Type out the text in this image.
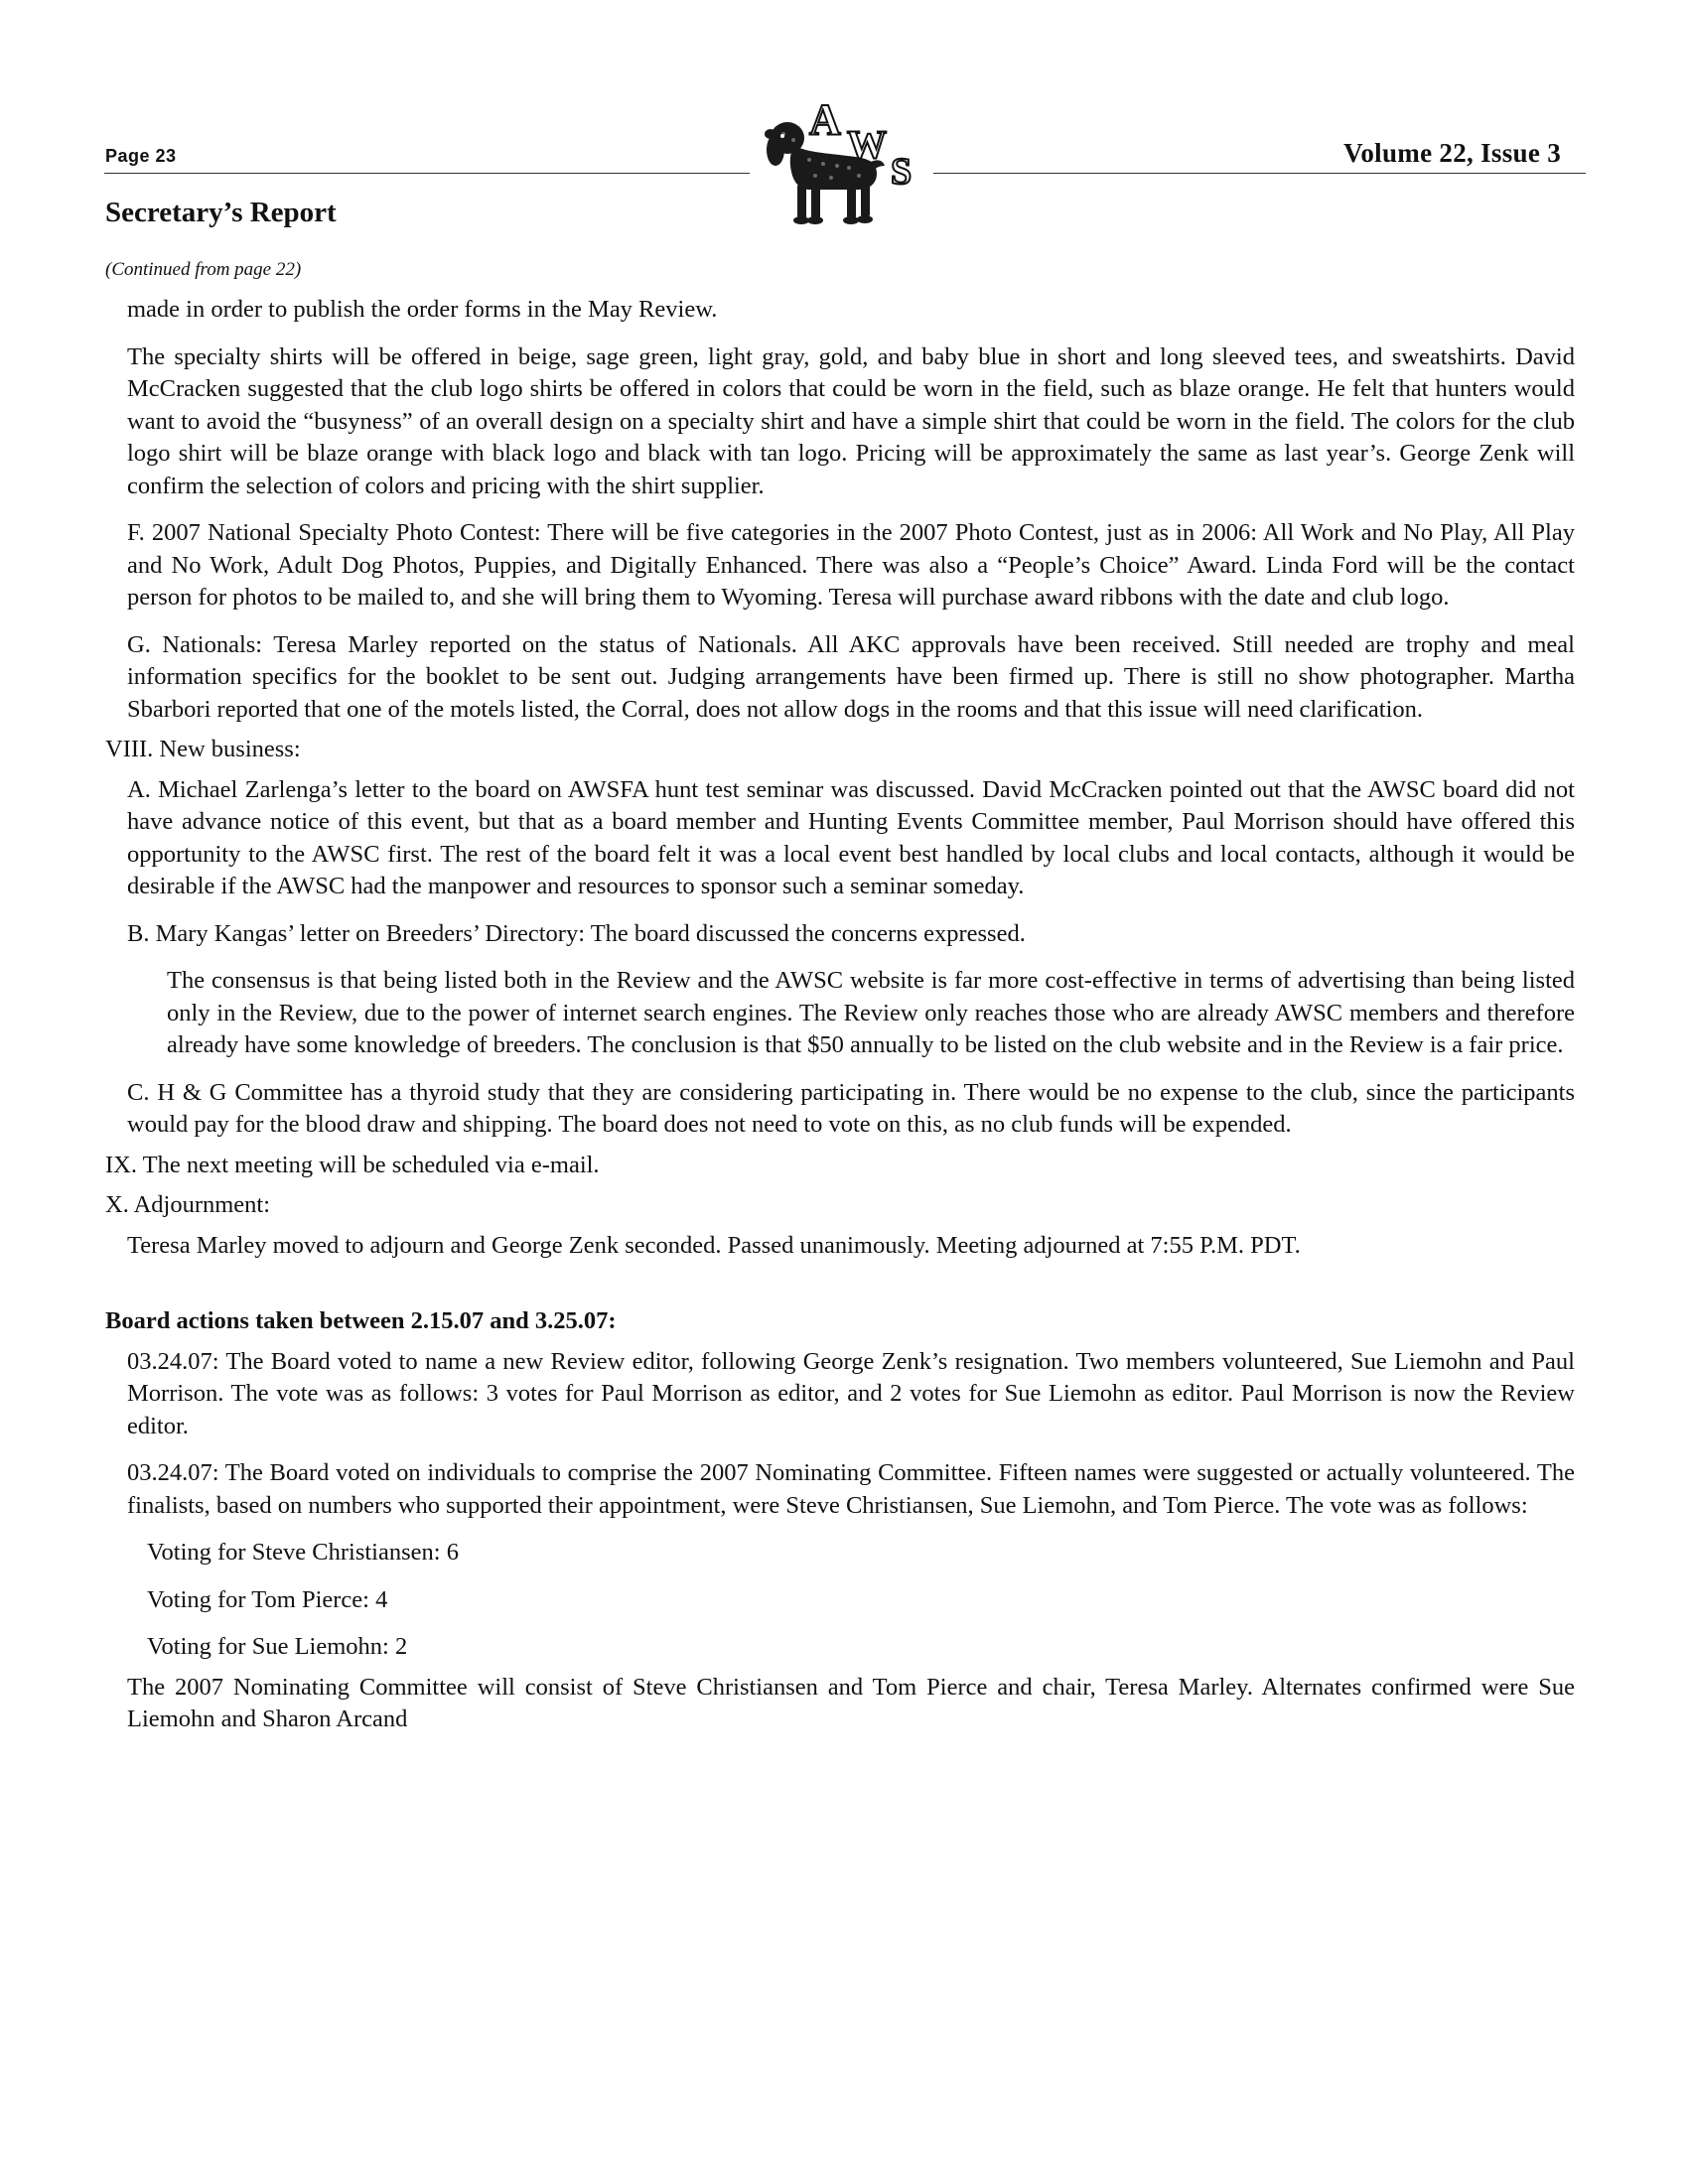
Page 23	Volume 22, Issue 3
A
W
S
Secretary’s Report
(Continued from page 22)

made in order to publish the order forms in the May Review.

The specialty shirts will be offered in beige, sage green, light gray, gold, and baby blue in short and long sleeved tees, and sweatshirts. David McCracken suggested that the club logo shirts be offered in colors that could be worn in the field, such as blaze orange. He felt that hunters would want to avoid the “busyness” of an overall design on a specialty shirt and have a simple shirt that could be worn in the field. The colors for the club logo shirt will be blaze orange with black logo and black with tan logo. Pricing will be approximately the same as last year’s. George Zenk will confirm the selection of colors and pricing with the shirt supplier.

F. 2007 National Specialty Photo Contest: There will be five categories in the 2007 Photo Contest, just as in 2006: All Work and No Play, All Play and No Work, Adult Dog Photos, Puppies, and Digitally Enhanced. There was also a “People’s Choice” Award. Linda Ford will be the contact person for photos to be mailed to, and she will bring them to Wyoming. Teresa will purchase award ribbons with the date and club logo.

G. Nationals: Teresa Marley reported on the status of Nationals. All AKC approvals have been received. Still needed are trophy and meal information specifics for the booklet to be sent out. Judging arrangements have been firmed up. There is still no show photographer. Martha Sbarbori reported that one of the motels listed, the Corral, does not allow dogs in the rooms and that this issue will need clarification.

VIII. New business:

A. Michael Zarlenga’s letter to the board on AWSFA hunt test seminar was discussed. David McCracken pointed out that the AWSC board did not have advance notice of this event, but that as a board member and Hunting Events Committee member, Paul Morrison should have offered this opportunity to the AWSC first. The rest of the board felt it was a local event best handled by local clubs and local contacts, although it would be desirable if the AWSC had the manpower and resources to sponsor such a seminar someday.

B. Mary Kangas’ letter on Breeders’ Directory: The board discussed the concerns expressed.

The consensus is that being listed both in the Review and the AWSC website is far more cost-effective in terms of advertising than being listed only in the Review, due to the power of internet search engines. The Review only reaches those who are already AWSC members and therefore already have some knowledge of breeders. The conclusion is that $50 annually to be listed on the club website and in the Review is a fair price.

C. H & G Committee has a thyroid study that they are considering participating in. There would be no expense to the club, since the participants would pay for the blood draw and shipping. The board does not need to vote on this, as no club funds will be expended.

IX. The next meeting will be scheduled via e-mail.

X. Adjournment:

Teresa Marley moved to adjourn and George Zenk seconded. Passed unanimously. Meeting adjourned at 7:55 P.M. PDT.

Board actions taken between 2.15.07 and 3.25.07:

03.24.07: The Board voted to name a new Review editor, following George Zenk’s resignation. Two members volunteered, Sue Liemohn and Paul Morrison. The vote was as follows: 3 votes for Paul Morrison as editor, and 2 votes for Sue Liemohn as editor. Paul Morrison is now the Review editor.

03.24.07: The Board voted on individuals to comprise the 2007 Nominating Committee. Fifteen names were suggested or actually volunteered. The finalists, based on numbers who supported their appointment, were Steve Christiansen, Sue Liemohn, and Tom Pierce. The vote was as follows:

Voting for Steve Christiansen: 6

Voting for Tom Pierce: 4

Voting for Sue Liemohn: 2

The 2007 Nominating Committee will consist of Steve Christiansen and Tom Pierce and chair, Teresa Marley. Alternates confirmed were Sue Liemohn and Sharon Arcand
